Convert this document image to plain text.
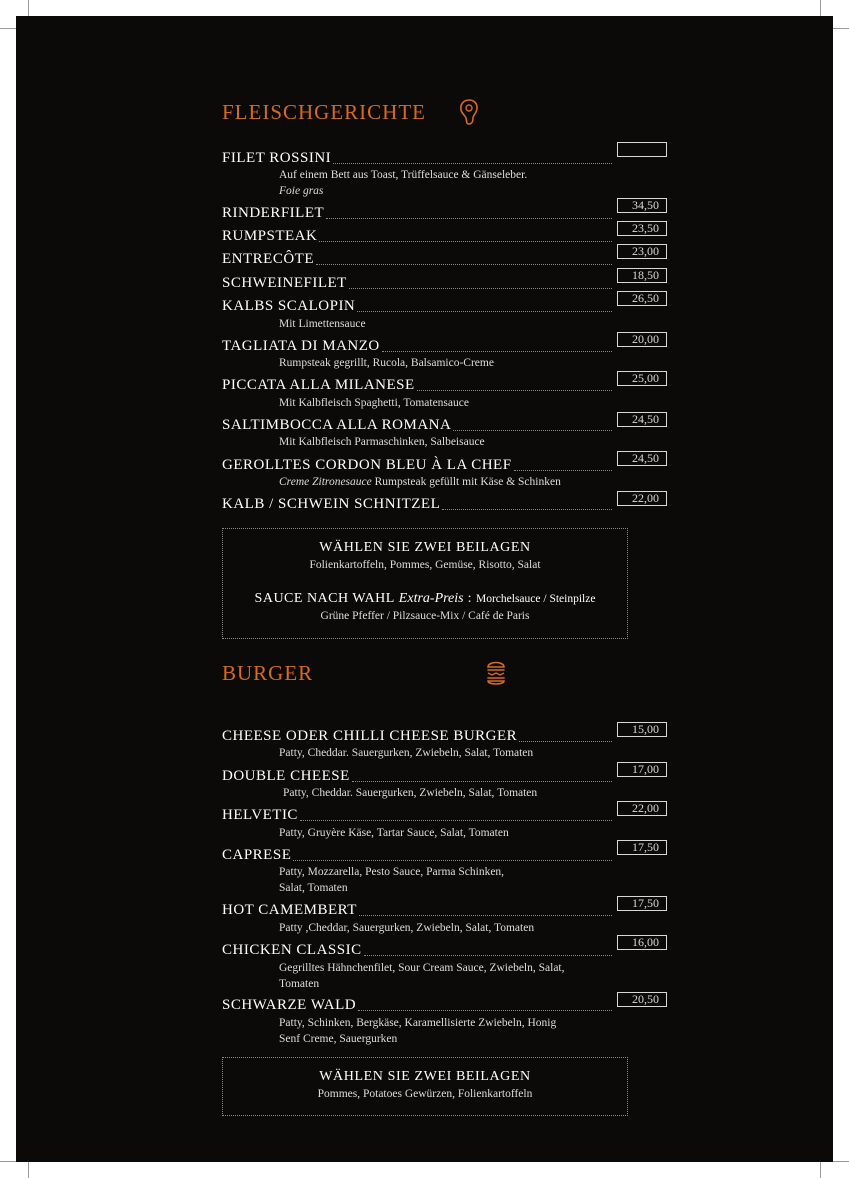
FLEISCHGERICHTE
FILET ROSSINI

Auf einem Bett aus Toast, Trüffelsauce & Gänseleber.

Foie gras

RINDERFILET	34,50
RUMPSTEAK	23,50
ENTRECÔTE	23,00
SCHWEINEFILET	18,50
KALBS SCALOPIN	26,50

Mit Limettensauce

TAGLIATA DI MANZO	20,00

Rumpsteak gegrillt, Rucola, Balsamico-Creme

PICCATA ALLA MILANESE	25,00

Mit Kalbfleisch Spaghetti, Tomatensauce

SALTIMBOCCA ALLA ROMANA	24,50

Mit Kalbfleisch Parmaschinken, Salbeisauce

GEROLLTES CORDON BLEU À LA CHEF	24,50

Creme Zitronesauce Rumpsteak gefüllt mit Käse & Schinken

KALB / SCHWEIN SCHNITZEL	22,00
WÄHLEN SIE ZWEI BEILAGEN
Folienkartoffeln, Pommes, Gemüse, Risotto, Salat
SAUCE NACH WAHL Extra-Preis : Morchelsauce / Steinpilze
Grüne Pfeffer / Pilzsauce-Mix / Café de Paris
BURGER
CHEESE ODER CHILLI CHEESE BURGER	15,00

Patty, Cheddar. Sauergurken, Zwiebeln, Salat, Tomaten

DOUBLE CHEESE	17,00

Patty, Cheddar. Sauergurken, Zwiebeln, Salat, Tomaten

HELVETIC	22,00

Patty, Gruyère Käse, Tartar Sauce, Salat, Tomaten

CAPRESE	17,50

Patty, Mozzarella, Pesto Sauce, Parma Schinken,

Salat, Tomaten

HOT CAMEMBERT	17,50

Patty ,Cheddar, Sauergurken, Zwiebeln, Salat, Tomaten

CHICKEN CLASSIC	16,00

Gegrilltes Hähnchenfilet, Sour Cream Sauce, Zwiebeln, Salat,

Tomaten

SCHWARZE WALD	20,50

Patty, Schinken, Bergkäse, Karamellisierte Zwiebeln, Honig

Senf Creme, Sauergurken

WÄHLEN SIE ZWEI BEILAGEN
Pommes, Potatoes Gewürzen, Folienkartoffeln
